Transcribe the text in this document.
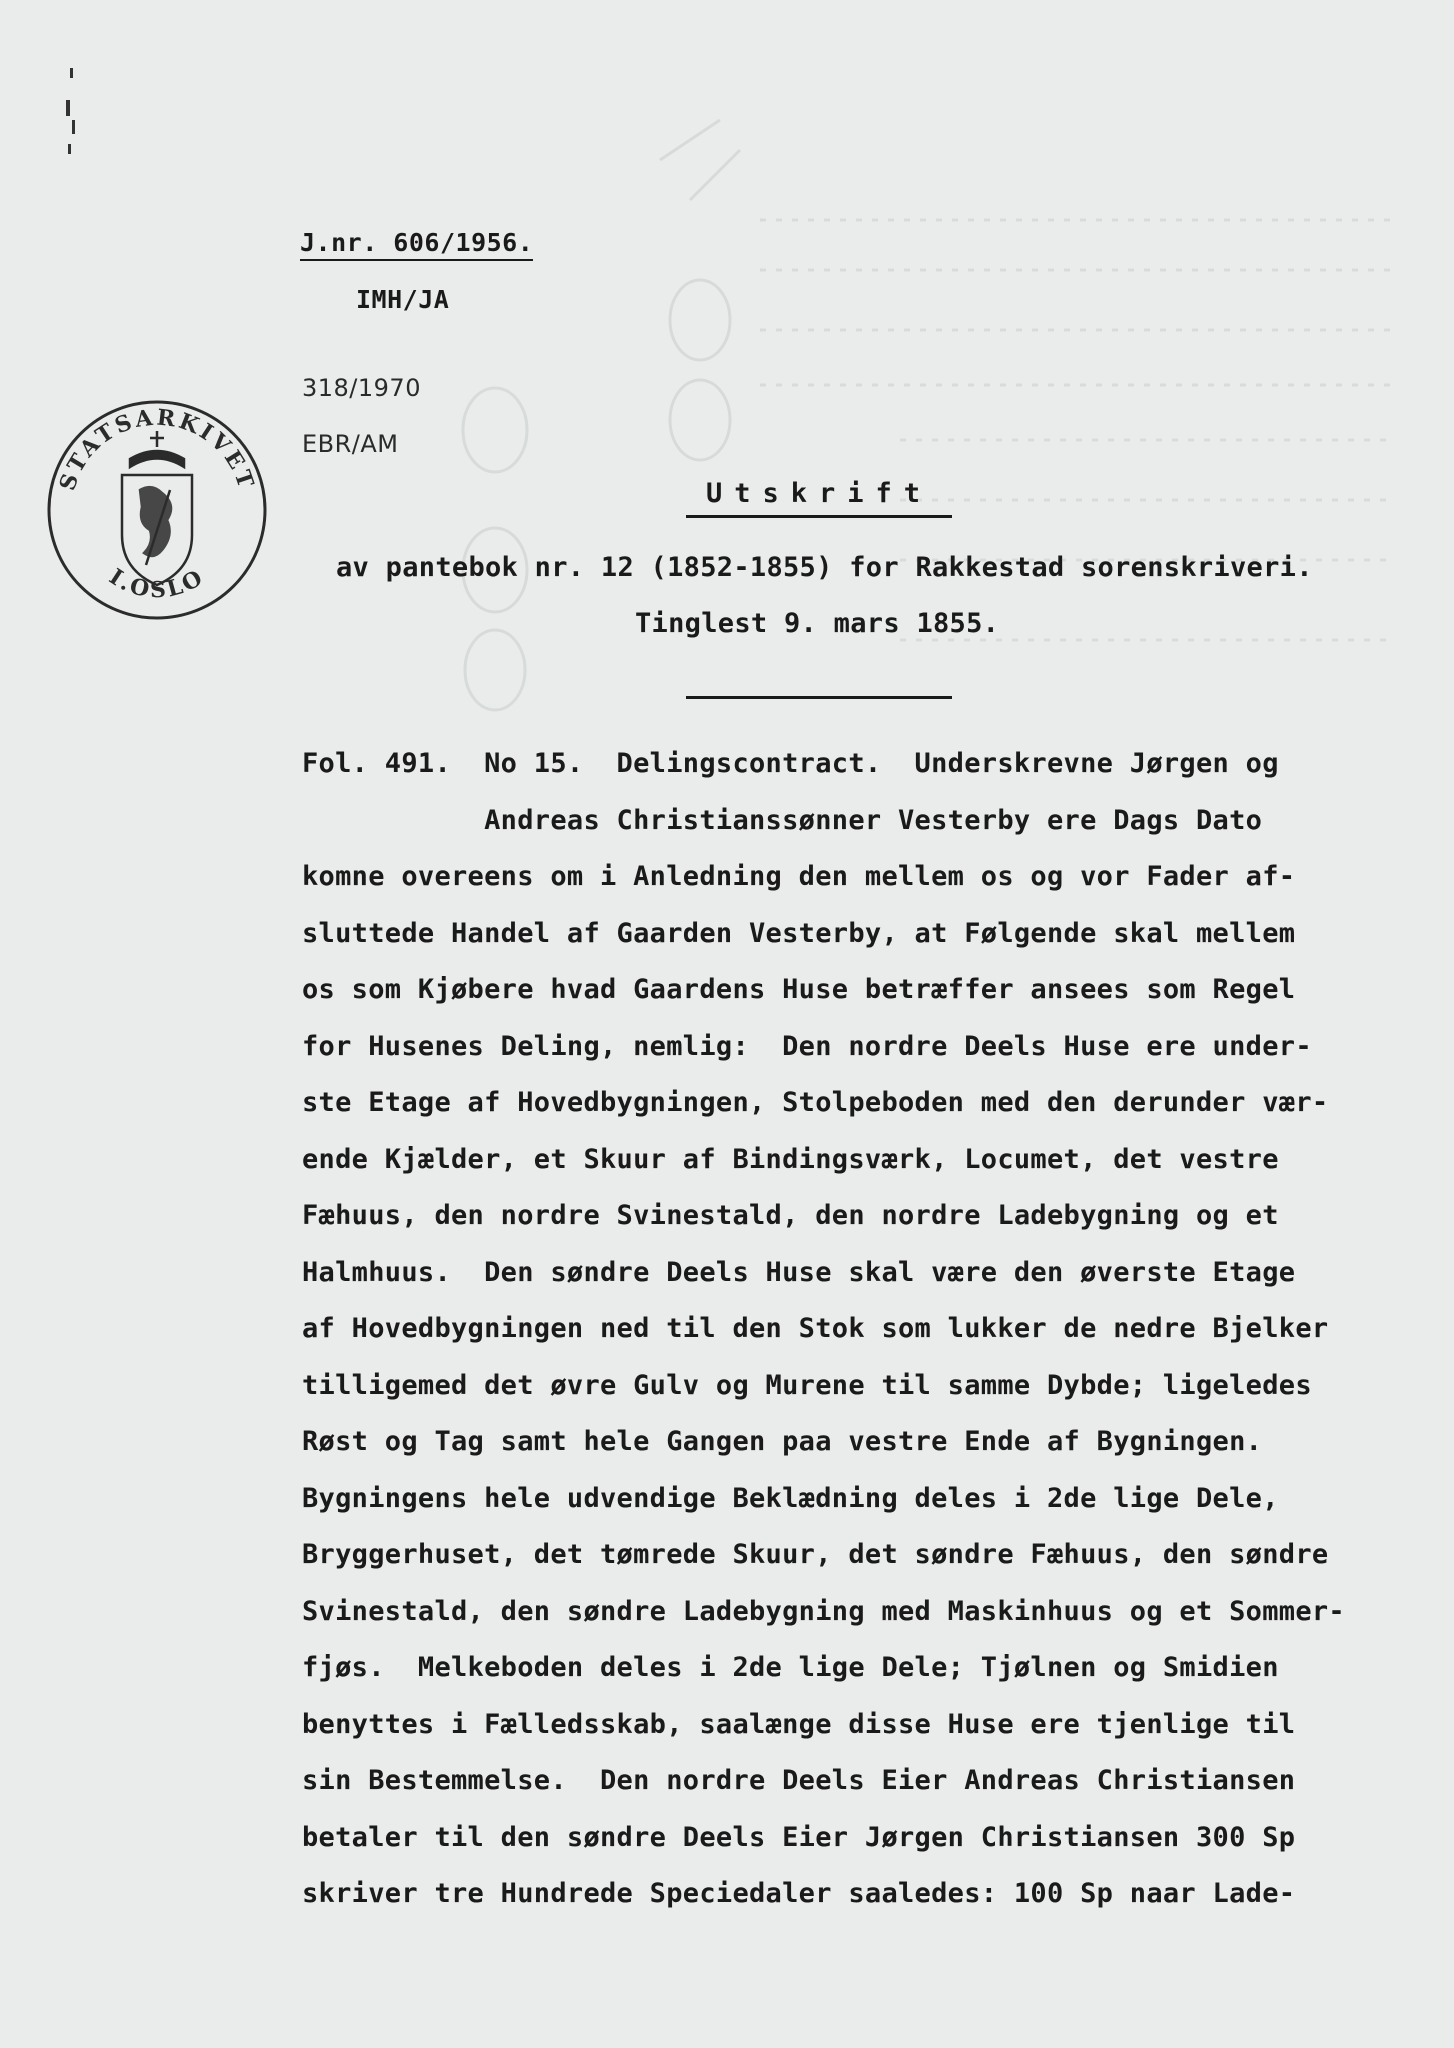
J.nr. 606/1956.
IMH/JA
318/1970
EBR/AM
STATSARKIVET
I.OSLO
Utskrift
av pantebok nr. 12 (1852-1855) for Rakkestad sorenskriveri.
Tinglest 9. mars 1855.
Fol. 491.  No 15.  Delingscontract.  Underskrevne Jørgen og
Andreas Christianssønner Vesterby ere Dags Dato
komne overeens om i Anledning den mellem os og vor Fader af-
sluttede Handel af Gaarden Vesterby, at Følgende skal mellem
os som Kjøbere hvad Gaardens Huse betræffer ansees som Regel
for Husenes Deling, nemlig:  Den nordre Deels Huse ere under-
ste Etage af Hovedbygningen, Stolpeboden med den derunder vær-
ende Kjælder, et Skuur af Bindingsværk, Locumet, det vestre
Fæhuus, den nordre Svinestald, den nordre Ladebygning og et
Halmhuus.  Den søndre Deels Huse skal være den øverste Etage
af Hovedbygningen ned til den Stok som lukker de nedre Bjelker
tilligemed det øvre Gulv og Murene til samme Dybde; ligeledes
Røst og Tag samt hele Gangen paa vestre Ende af Bygningen.
Bygningens hele udvendige Beklædning deles i 2de lige Dele,
Bryggerhuset, det tømrede Skuur, det søndre Fæhuus, den søndre
Svinestald, den søndre Ladebygning med Maskinhuus og et Sommer-
fjøs.  Melkeboden deles i 2de lige Dele; Tjølnen og Smidien
benyttes i Fælledsskab, saalænge disse Huse ere tjenlige til
sin Bestemmelse.  Den nordre Deels Eier Andreas Christiansen
betaler til den søndre Deels Eier Jørgen Christiansen 300 Sp
skriver tre Hundrede Speciedaler saaledes: 100 Sp naar Lade-
